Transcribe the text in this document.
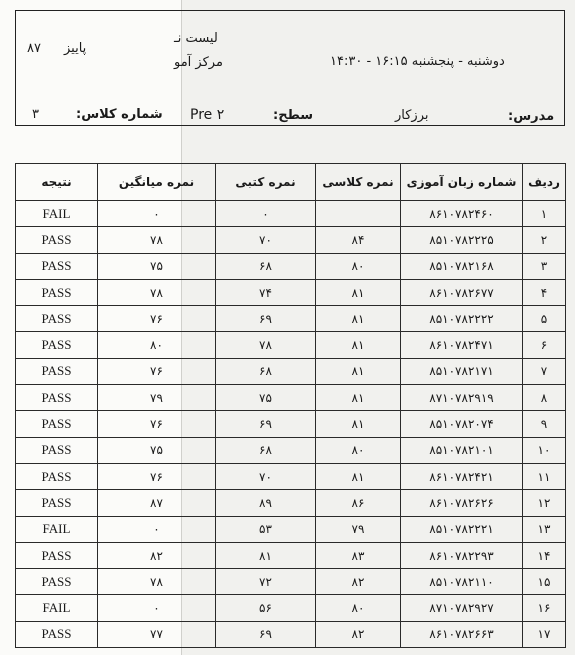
لیست نـ
مرکز آمو
پاییز
۸۷
دوشنبه - پنجشنبه ۱۶:۱۵ - ۱۴:۳۰
مدرس:
برزکار
سطح:
Pre ۲
شماره کلاس:
۳
ردیف	شماره زبان آموزی	نمره کلاسی	نمره کتبی	نمره میانگین	نتیجه
۱	۸۶۱۰۷۸۲۴۶۰		۰	۰	FAIL
۲	۸۵۱۰۷۸۲۲۲۵	۸۴	۷۰	۷۸	PASS
۳	۸۵۱۰۷۸۲۱۶۸	۸۰	۶۸	۷۵	PASS
۴	۸۶۱۰۷۸۲۶۷۷	۸۱	۷۴	۷۸	PASS
۵	۸۵۱۰۷۸۲۲۲۲	۸۱	۶۹	۷۶	PASS
۶	۸۶۱۰۷۸۲۴۷۱	۸۱	۷۸	۸۰	PASS
۷	۸۵۱۰۷۸۲۱۷۱	۸۱	۶۸	۷۶	PASS
۸	۸۷۱۰۷۸۲۹۱۹	۸۱	۷۵	۷۹	PASS
۹	۸۵۱۰۷۸۲۰۷۴	۸۱	۶۹	۷۶	PASS
۱۰	۸۵۱۰۷۸۲۱۰۱	۸۰	۶۸	۷۵	PASS
۱۱	۸۶۱۰۷۸۲۴۲۱	۸۱	۷۰	۷۶	PASS
۱۲	۸۶۱۰۷۸۲۶۲۶	۸۶	۸۹	۸۷	PASS
۱۳	۸۵۱۰۷۸۲۲۲۱	۷۹	۵۳	۰	FAIL
۱۴	۸۶۱۰۷۸۲۲۹۳	۸۳	۸۱	۸۲	PASS
۱۵	۸۵۱۰۷۸۲۱۱۰	۸۲	۷۲	۷۸	PASS
۱۶	۸۷۱۰۷۸۲۹۲۷	۸۰	۵۶	۰	FAIL
۱۷	۸۶۱۰۷۸۲۶۶۳	۸۲	۶۹	۷۷	PASS
